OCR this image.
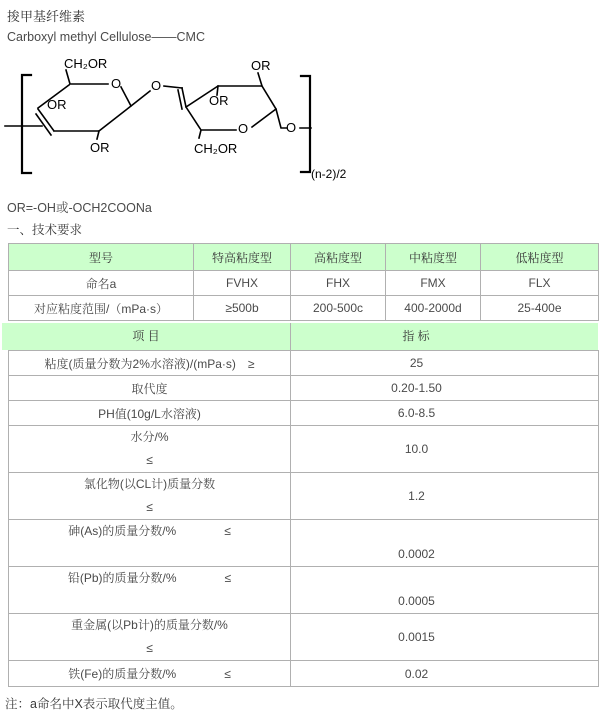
捘甲基纤维素
Carboxyl methyl Cellulose——CMC
CH₂OR
O
OR
O
OR
OR
OR
O
CH₂OR
O
(n-2)/2
OR=-OH或-OCH2COONa
一、技术要求
型号	特高粘度型	高粘度型	中粘度型	低粘度型
命名a	FVHX	FHX	FMX	FLX
对应粘度范围/（mPa·s）	≥500b	200-500c	400-2000d	25-400e
项 目	指 标
粘度(质量分数为2%水溶液)/(mPa·s)　≥	25
取代度	0.20-1.50
PH值(10g/L水溶液)	6.0-8.5

水分/%
≤	10.0

氯化物(以CL计)质量分数
≤	1.2

砷(As)的质量分数/%　　　　≤	0.0002

铅(Pb)的质量分数/%　　　　≤	0.0005

重金属(以Pb计)的质量分数/%
≤	0.0015
铁(Fe)的质量分数/%　　　　≤	0.02
注：a命名中X表示取代度主值。
